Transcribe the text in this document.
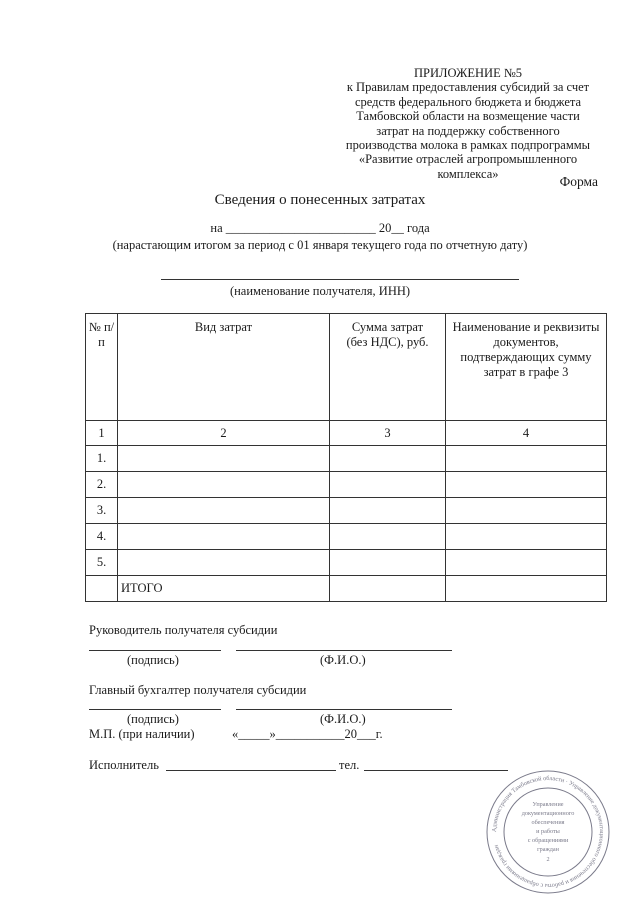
ПРИЛОЖЕНИЕ №5
к Правилам предоставления субсидий за счет
средств федерального бюджета и бюджета
Тамбовской области на возмещение части
затрат на поддержку собственного
производства молока в рамках подпрограммы
«Развитие отраслей агропромышленного
комплекса»
Форма
Сведения о понесенных затратах
на ________________________ 20__ года
(нарастающим итогом за период с 01 января текущего года по отчетную дату)
(наименование получателя, ИНН)
№ п/п	Вид затрат	Сумма затрат (без НДС), руб.	Наименование и реквизиты документов, подтверждающих сумму затрат в графе 3
1	2	3	4
1.			
2.			
3.			
4.			
5.			
	ИТОГО		
Руководитель получателя субсидии
(подпись)	(Ф.И.О.)
Главный бухгалтер получателя субсидии
(подпись)	(Ф.И.О.)
М.П. (при наличии)	«_____»___________20___г.
Исполнитель	тел.
Администрация Тамбовской области · Управление документационного обеспечения и работы с обращениями граждан
Управление
документационного
обеспечения
и работы
с обращениями
граждан
2
